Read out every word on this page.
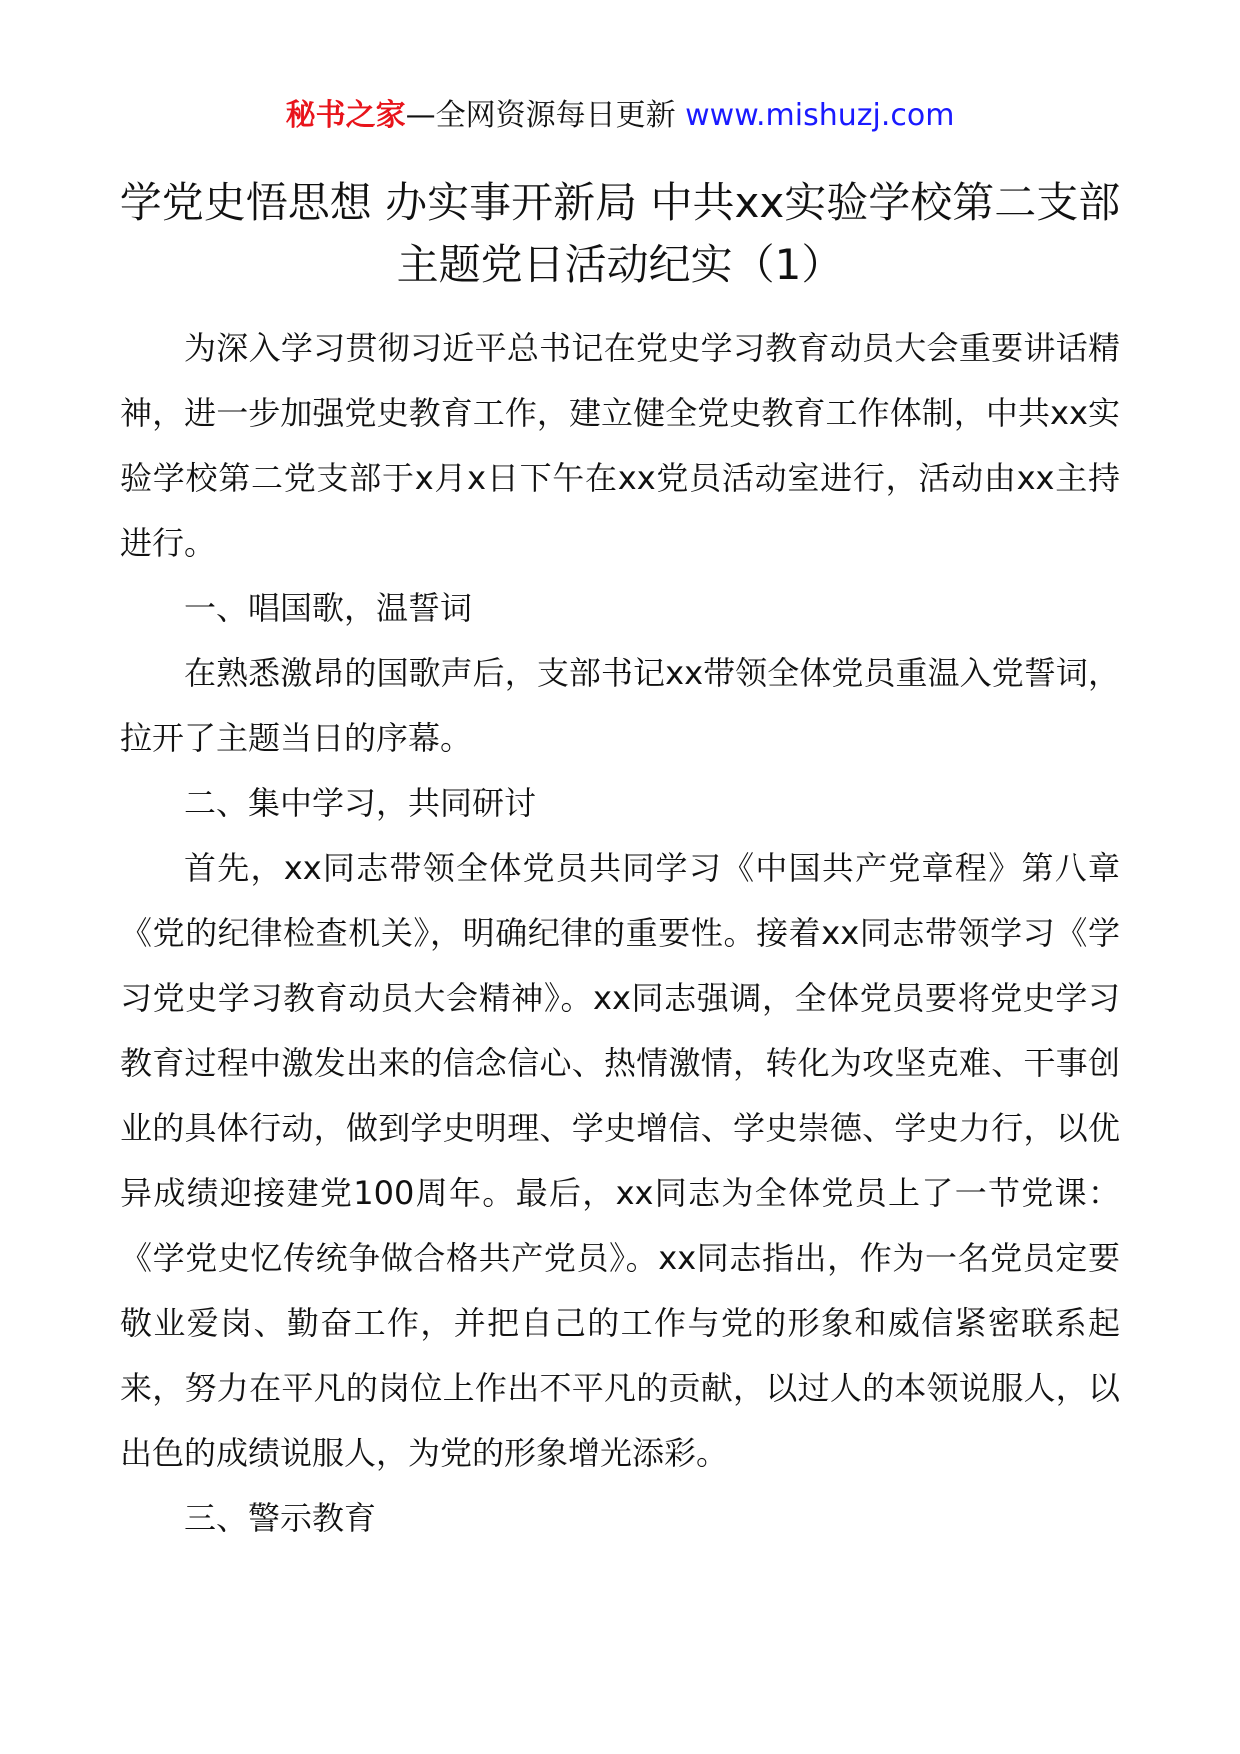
秘书之家—全网资源每日更新 www.mishuzj.com
学党史悟思想 办实事开新局 中共xx实验学校第二支部主题党日活动纪实（1）

为深入学习贯彻习近平总书记在党史学习教育动员大会重要讲话精神，进一步加强党史教育工作，建立健全党史教育工作体制，中共xx实验学校第二党支部于x月x日下午在xx党员活动室进行，活动由xx主持进行。

一、唱国歌，温誓词

在熟悉激昂的国歌声后，支部书记xx带领全体党员重温入党誓词，拉开了主题当日的序幕。

二、集中学习，共同研讨

首先，xx同志带领全体党员共同学习《中国共产党章程》第八章《党的纪律检查机关》，明确纪律的重要性。接着xx同志带领学习《学习党史学习教育动员大会精神》。xx同志强调，全体党员要将党史学习教育过程中激发出来的信念信心、热情激情，转化为攻坚克难、干事创业的具体行动，做到学史明理、学史增信、学史崇德、学史力行，以优异成绩迎接建党100周年。最后，xx同志为全体党员上了一节党课：《学党史忆传统争做合格共产党员》。xx同志指出，作为一名党员定要敬业爱岗、勤奋工作，并把自己的工作与党的形象和威信紧密联系起来，努力在平凡的岗位上作出不平凡的贡献，以过人的本领说服人，以出色的成绩说服人，为党的形象增光添彩。

三、警示教育
